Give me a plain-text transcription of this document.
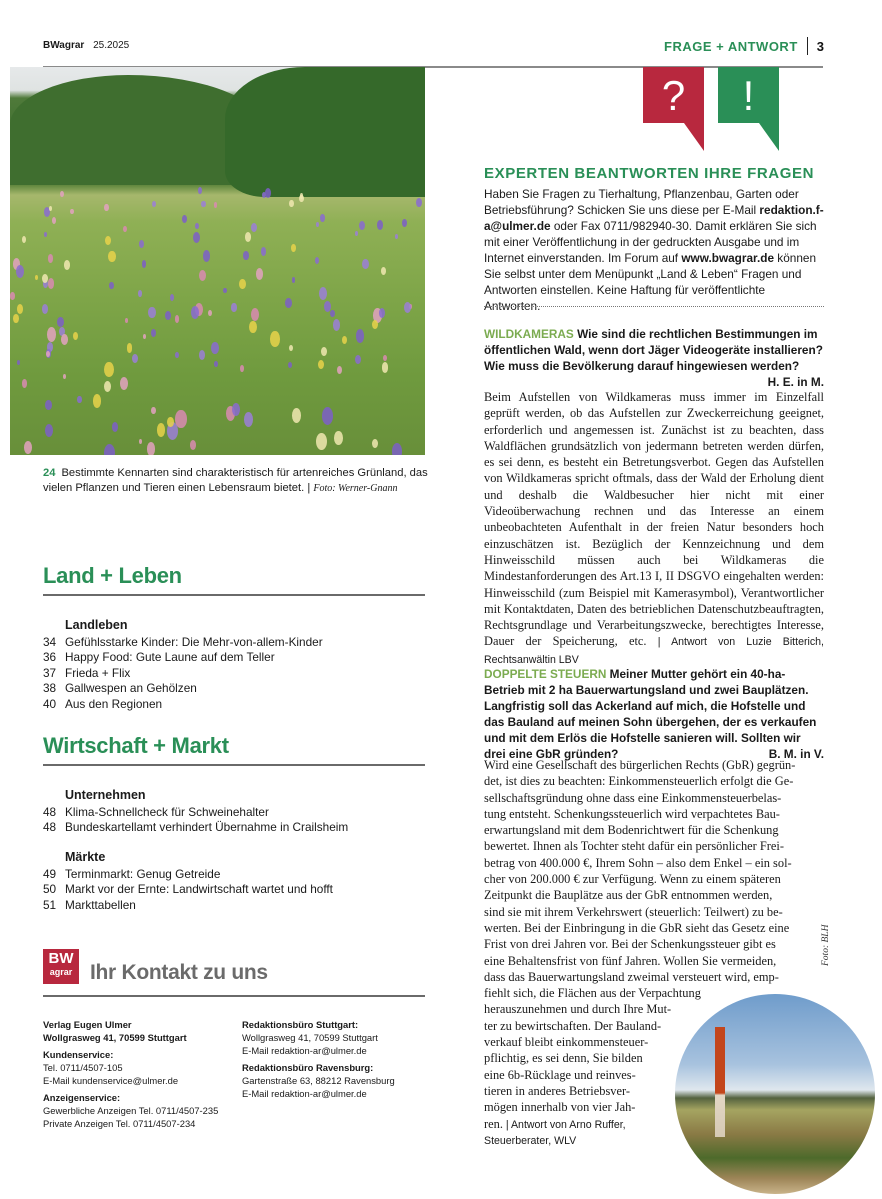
BWagrar 25.2025	FRAGE + ANTWORT 3
24 Bestimmte Kennarten sind charakteristisch für artenreiches Grünland, das vielen Pflanzen und Tieren einen Lebensraum bietet. | Foto: Werner-Gnann
Land + Leben
Landleben
34 Gefühlsstarke Kinder: Die Mehr-von-allem-Kinder
36 Happy Food: Gute Laune auf dem Teller
37 Frieda + Flix
38 Gallwespen an Gehölzen
40 Aus den Regionen
Wirtschaft + Markt
Unternehmen
48 Klima-Schnellcheck für Schweinehalter
48 Bundeskartellamt verhindert Übernahme in Crailsheim
Märkte
49 Terminmarkt: Genug Getreide
50 Markt vor der Ernte: Landwirtschaft wartet und hofft
51 Markttabellen
BW
agrar Ihr Kontakt zu uns
Verlag Eugen Ulmer
Wollgrasweg 41, 70599 Stuttgart
Kundenservice:
Tel. 0711/4507-105
E-Mail kundenservice@ulmer.de
Anzeigenservice:
Gewerbliche Anzeigen Tel. 0711/4507-235
Private Anzeigen Tel. 0711/4507-234
Redaktionsbüro Stuttgart:
Wollgrasweg 41, 70599 Stuttgart
E-Mail redaktion-ar@ulmer.de
Redaktionsbüro Ravensburg:
Gartenstraße 63, 88212 Ravensburg
E-Mail redaktion-ar@ulmer.de
?	!
EXPERTEN BEANTWORTEN IHRE FRAGEN
Haben Sie Fragen zu Tierhaltung, Pflanzenbau, Garten oder Betriebsführung? Schicken Sie uns diese per E-Mail redaktion.f-a@ulmer.de oder Fax 0711/982940-30. Damit erklären Sie sich mit einer Veröffentlichung in der gedruckten Ausgabe und im Internet einverstanden. Im Forum auf www.bwagrar.de können Sie selbst unter dem Menüpunkt „Land & Leben“ Fragen und Antworten einstellen. Keine Haftung für veröffentlichte Antworten.
WILDKAMERAS Wie sind die rechtlichen Bestimmungen im öffentlichen Wald, wenn dort Jäger Videogeräte installieren? Wie muss die Bevölkerung darauf hingewiesen werden?
H. E. in M.
Beim Aufstellen von Wildkameras muss immer im Einzelfall geprüft werden, ob das Aufstellen zur Zweckerreichung geeignet, erforderlich und angemessen ist. Zunächst ist zu beachten, dass Waldflächen grundsätzlich von jedermann betreten werden dürfen, es sei denn, es besteht ein Betretungsverbot. Gegen das Aufstellen von Wildkameras spricht oftmals, dass der Wald der Erholung dient und deshalb die Waldbesucher hier nicht mit einer Videoüberwachung rechnen und das Interesse an einem unbeobachteten Aufenthalt in der freien Natur besonders hoch einzuschätzen ist. Bezüglich der Kennzeichnung und dem Hinweisschild müssen auch bei Wildkameras die Mindestanforderungen des Art.13 I, II DSGVO eingehalten werden: Hinweisschild (zum Beispiel mit Kamerasymbol), Verantwortlicher mit Kontaktdaten, Daten des betrieblichen Datenschutzbeauftragten, Rechtsgrundlage und Verarbeitungszwecke, berechtigtes Interesse, Dauer der Speicherung, etc. | Antwort von Luzie Bitterich, Rechtsanwältin LBV
DOPPELTE STEUERN Meiner Mutter gehört ein 40-ha-Betrieb mit 2 ha Bauerwartungsland und zwei Bauplätzen. Langfristig soll das Ackerland auf mich, die Hofstelle und das Bauland auf meinen Sohn übergehen, der es verkaufen und mit dem Erlös die Hofstelle sanieren will. Sollten wir drei eine GbR gründen?	B. M. in V.
Wird eine Gesellschaft des bürgerlichen Rechts (GbR) gegrün-
det, ist dies zu beachten: Einkommensteuerlich erfolgt die Ge-
sellschaftsgründung ohne dass eine Einkommensteuerbelas-
tung entsteht. Schenkungssteuerlich wird verpachtetes Bau-
erwartungsland mit dem Bodenrichtwert für die Schenkung
bewertet. Ihnen als Tochter steht dafür ein persönlicher Frei-
betrag von 400.000 €, Ihrem Sohn – also dem Enkel – ein sol-
cher von 200.000 € zur Verfügung. Wenn zu einem späteren
Zeitpunkt die Bauplätze aus der GbR entnommen werden,
sind sie mit ihrem Verkehrswert (steuerlich: Teilwert) zu be-
werten. Bei der Einbringung in die GbR sieht das Gesetz eine
Frist von drei Jahren vor. Bei der Schenkungssteuer gibt es
eine Behaltensfrist von fünf Jahren. Wollen Sie vermeiden,
dass das Bauerwartungsland zweimal versteuert wird, emp-
fiehlt sich, die Flächen aus der Verpachtung
herauszunehmen und durch Ihre Mut-
ter zu bewirtschaften. Der Bauland-
verkauf bleibt einkommensteuer-
pflichtig, es sei denn, Sie bilden
eine 6b-Rücklage und reinves-
tieren in anderes Betriebsver-
mögen innerhalb von vier Jah-
ren. | Antwort von Arno Ruffer,
Steuerberater, WLV
Foto: BLH
